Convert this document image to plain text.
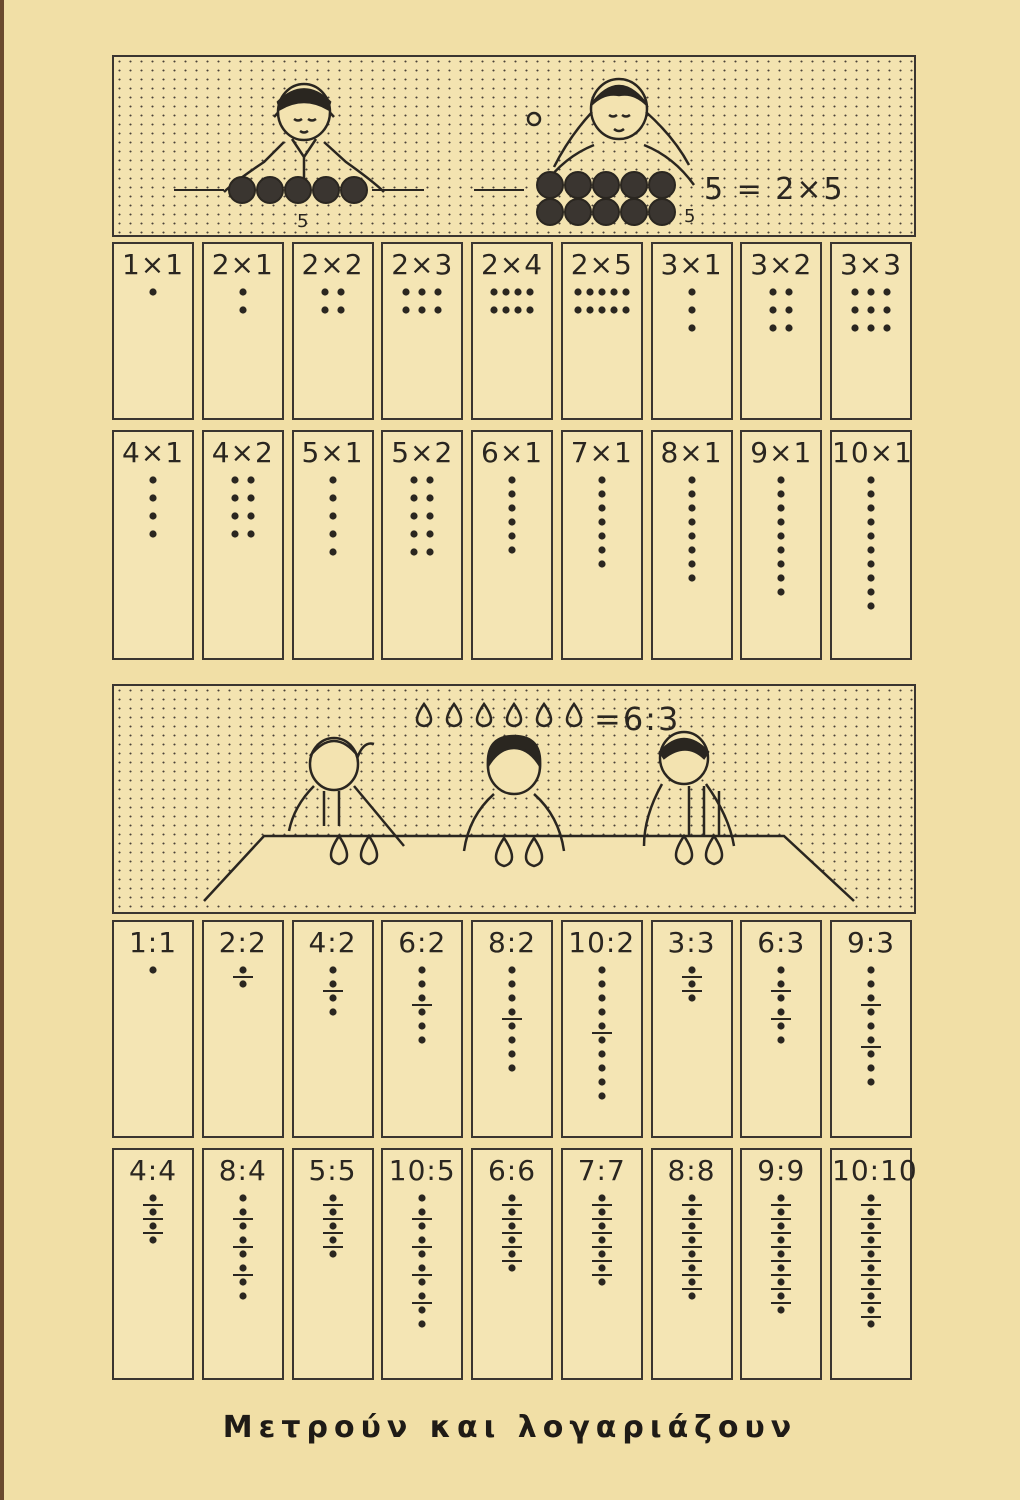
5
5 = 2×5
5
1×1 2×1 2×2 2×3 2×4 2×5 3×1 3×2 3×3
4×1 4×2 5×1 5×2 6×1 7×1 8×1 9×1 10×1
=6:3
1:1	2:2	4:2	6:2	8:2	10:2	3:3	6:3	9:3
4:4	8:4	5:5	10:5	6:6	7:7	8:8	9:9 10:10
Μετρούν και λογαριάζουν
